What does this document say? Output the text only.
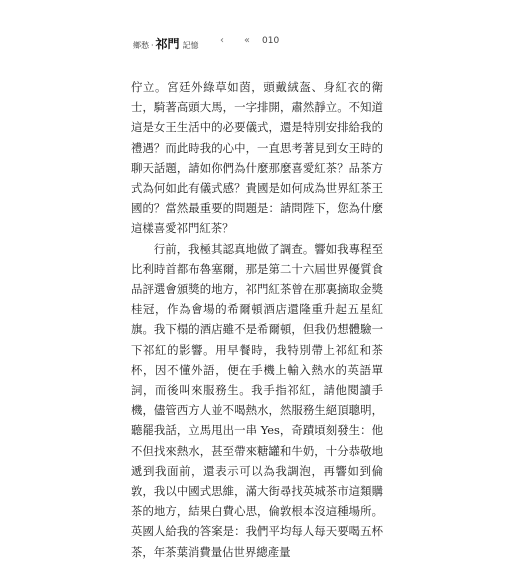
鄉愁 · 祁門 記憶 ‹ ‹‹ 010

佇立。宮廷外綠草如茵，頭戴絨盔、身紅衣的衛士，騎著高頭大馬，一字排開，肅然靜立。不知道這是女王生活中的必要儀式，還是特別安排給我的禮遇？而此時我的心中，一直思考著見到女王時的聊天話題，請如你們為什麼那麼喜愛紅茶？品茶方式為何如此有儀式感？貴國是如何成為世界紅茶王國的？當然最重要的問題是：請問陛下，您為什麼這樣喜愛祁門紅茶？

行前，我極其認真地做了調查。響如我專程至比利時首都布魯塞爾，那是第二十六屆世界優質食品評選會頒獎的地方，祁門紅茶曾在那裏摘取金獎桂冠，作為會場的希爾頓酒店還隆重升起五星紅旗。我下榻的酒店雖不是希爾頓，但我仍想體驗一下祁紅的影響。用早餐時，我特別帶上祁紅和茶杯，因不懂外語，便在手機上輸入熱水的英語單詞，而後叫來服務生。我手指祁紅，請他閱讀手機，儘管西方人並不喝熱水，然服務生絕頂聰明，聽罷我話，立馬甩出一串 Yes，奇蹟頃刻發生：他不但找來熱水，甚至帶來糖罐和牛奶，十分恭敬地遞到我面前，還表示可以為我調泡，再響如到倫敦，我以中國式思維，滿大街尋找英城茶市這類購茶的地方，結果白費心思，倫敦根本沒這種場所。英國人給我的答案是：我們平均每人每天要喝五杯茶，年茶葉消費量佔世界總產量
